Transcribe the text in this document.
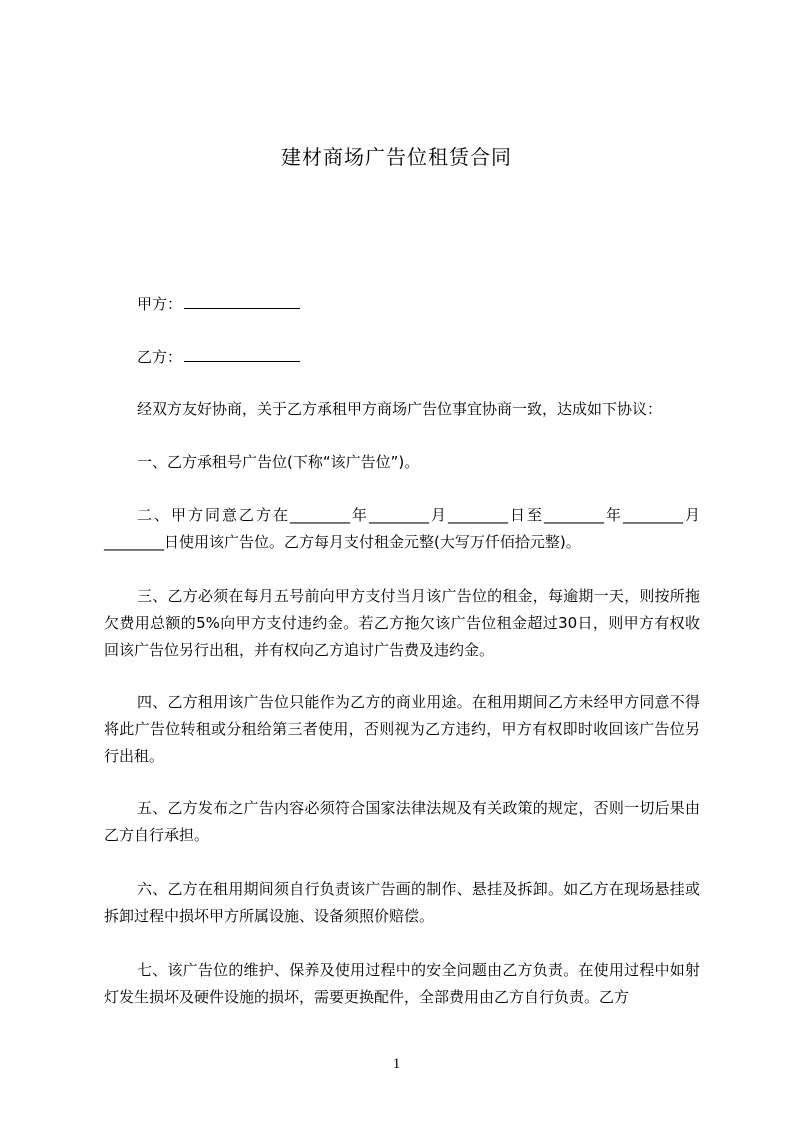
建材商场广告位租赁合同
甲方：
乙方：
经双方友好协商，关于乙方承租甲方商场广告位事宜协商一致，达成如下协议：
一、乙方承租号广告位(下称“该广告位”)。
二、甲方同意乙方在________年________月________日至________年________月________日使用该广告位。乙方每月支付租金元整(大写万仟佰拾元整)。
三、乙方必须在每月五号前向甲方支付当月该广告位的租金，每逾期一天，则按所拖欠费用总额的5%向甲方支付违约金。若乙方拖欠该广告位租金超过30日，则甲方有权收回该广告位另行出租，并有权向乙方追讨广告费及违约金。
四、乙方租用该广告位只能作为乙方的商业用途。在租用期间乙方未经甲方同意不得将此广告位转租或分租给第三者使用，否则视为乙方违约，甲方有权即时收回该广告位另行出租。
五、乙方发布之广告内容必须符合国家法律法规及有关政策的规定，否则一切后果由乙方自行承担。
六、乙方在租用期间须自行负责该广告画的制作、悬挂及拆卸。如乙方在现场悬挂或拆卸过程中损坏甲方所属设施、设备须照价赔偿。
七、该广告位的维护、保养及使用过程中的安全问题由乙方负责。在使用过程中如射灯发生损坏及硬件设施的损坏，需要更换配件，全部费用由乙方自行负责。乙方
1
